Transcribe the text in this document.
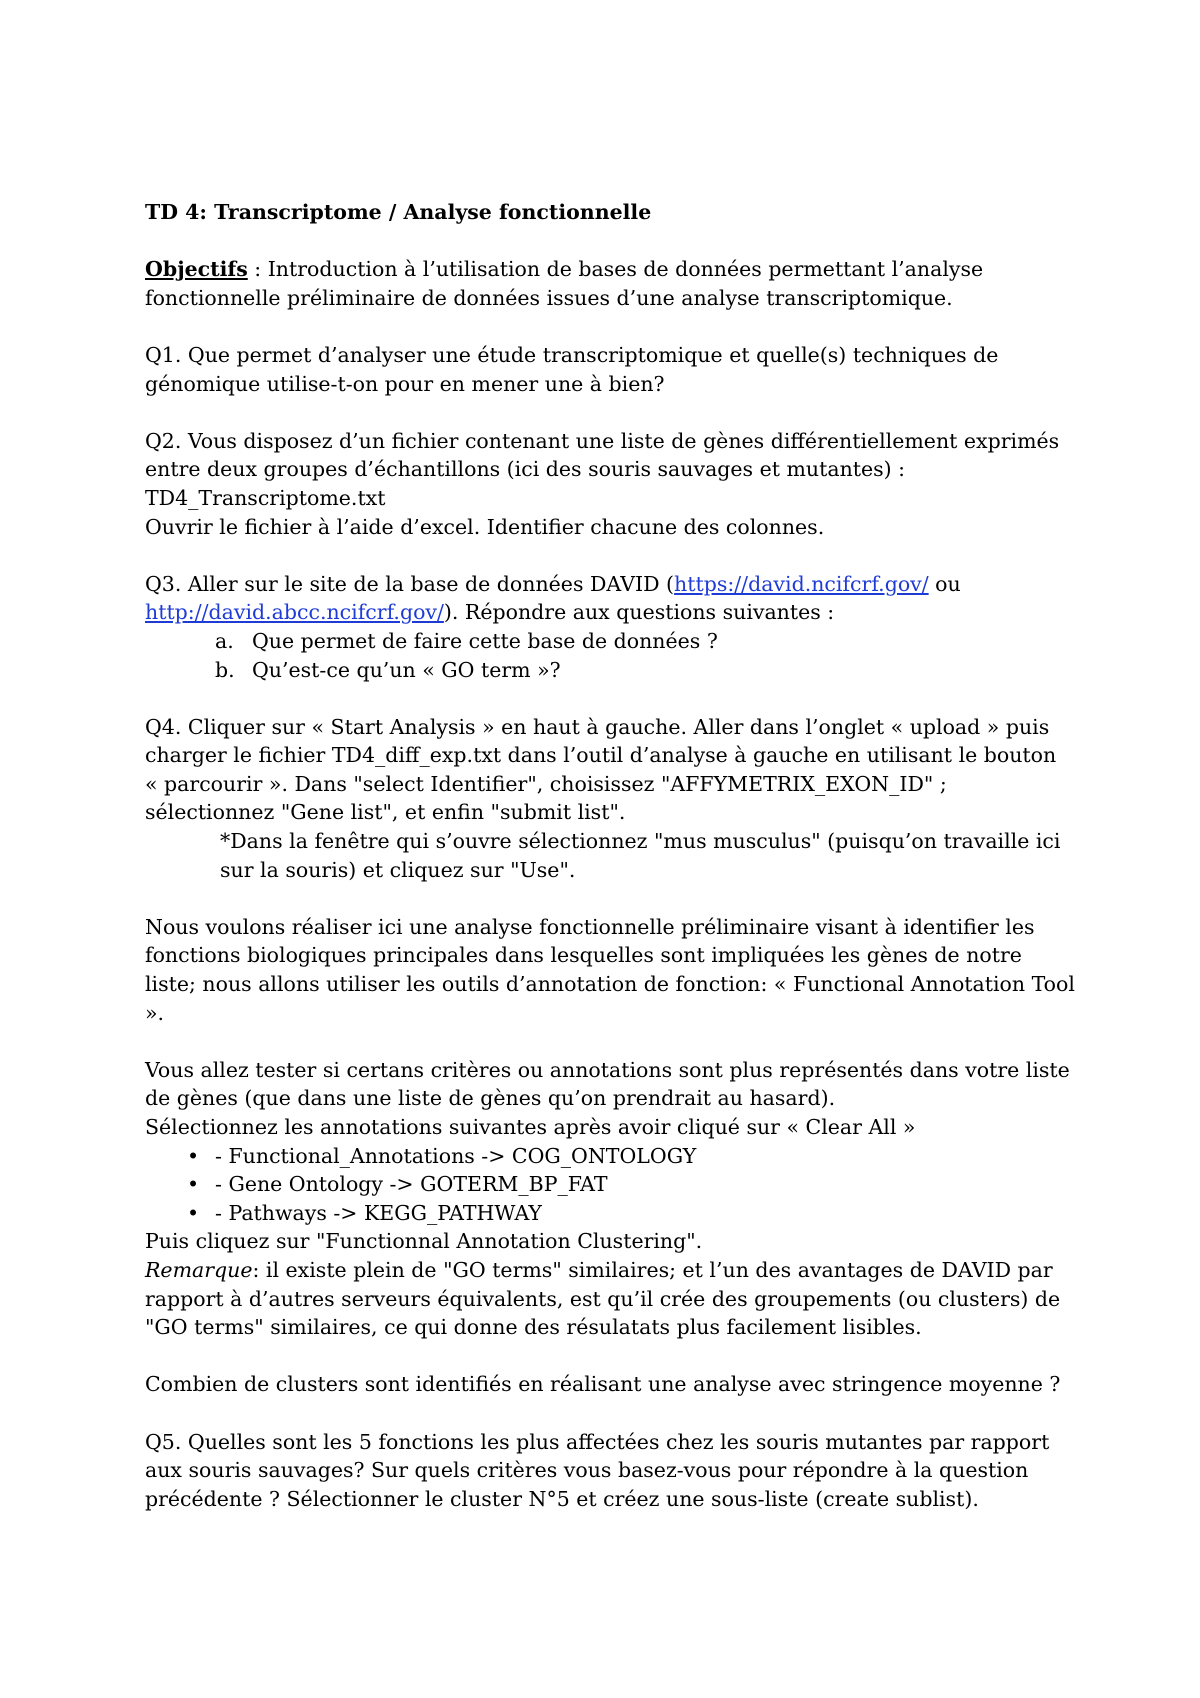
TD 4: Transcriptome / Analyse fonctionnelle

Objectifs : Introduction à l’utilisation de bases de données permettant l’analyse fonctionnelle préliminaire de données issues d’une analyse transcriptomique.

Q1. Que permet d’analyser une étude transcriptomique et quelle(s) techniques de génomique utilise-t-on pour en mener une à bien?

Q2. Vous disposez d’un fichier contenant une liste de gènes différentiellement exprimés entre deux groupes d’échantillons (ici des souris sauvages et mutantes) :
TD4_Transcriptome.txt
Ouvrir le fichier à l’aide d’excel. Identifier chacune des colonnes.

Q3. Aller sur le site de la base de données DAVID (https://david.ncifcrf.gov/ ou http://david.abcc.ncifcrf.gov/). Répondre aux questions suivantes :

a. Que permet de faire cette base de données ?
b. Qu’est-ce qu’un « GO term »?

Q4. Cliquer sur « Start Analysis » en haut à gauche. Aller dans l’onglet « upload » puis charger le fichier TD4_diff_exp.txt dans l’outil d’analyse à gauche en utilisant le bouton « parcourir ». Dans "select Identifier", choisissez "AFFYMETRIX_EXON_ID" ; sélectionnez "Gene list", et enfin "submit list".

*Dans la fenêtre qui s’ouvre sélectionnez "mus musculus" (puisqu’on travaille ici sur la souris) et cliquez sur "Use".

Nous voulons réaliser ici une analyse fonctionnelle préliminaire visant à identifier les fonctions biologiques principales dans lesquelles sont impliquées les gènes de notre liste; nous allons utiliser les outils d’annotation de fonction: « Functional Annotation Tool ».

Vous allez tester si certans critères ou annotations sont plus représentés dans votre liste de gènes (que dans une liste de gènes qu’on prendrait au hasard).

Sélectionnez les annotations suivantes après avoir cliqué sur « Clear All »

• - Functional_Annotations -> COG_ONTOLOGY
• - Gene Ontology -> GOTERM_BP_FAT
• - Pathways -> KEGG_PATHWAY

Puis cliquez sur "Functionnal Annotation Clustering".

Remarque: il existe plein de "GO terms" similaires; et l’un des avantages de DAVID par rapport à d’autres serveurs équivalents, est qu’il crée des groupements (ou clusters) de "GO terms" similaires, ce qui donne des résulatats plus facilement lisibles.

Combien de clusters sont identifiés en réalisant une analyse avec stringence moyenne ?

Q5. Quelles sont les 5 fonctions les plus affectées chez les souris mutantes par rapport aux souris sauvages? Sur quels critères vous basez-vous pour répondre à la question précédente ? Sélectionner le cluster N°5 et créez une sous-liste (create sublist).
